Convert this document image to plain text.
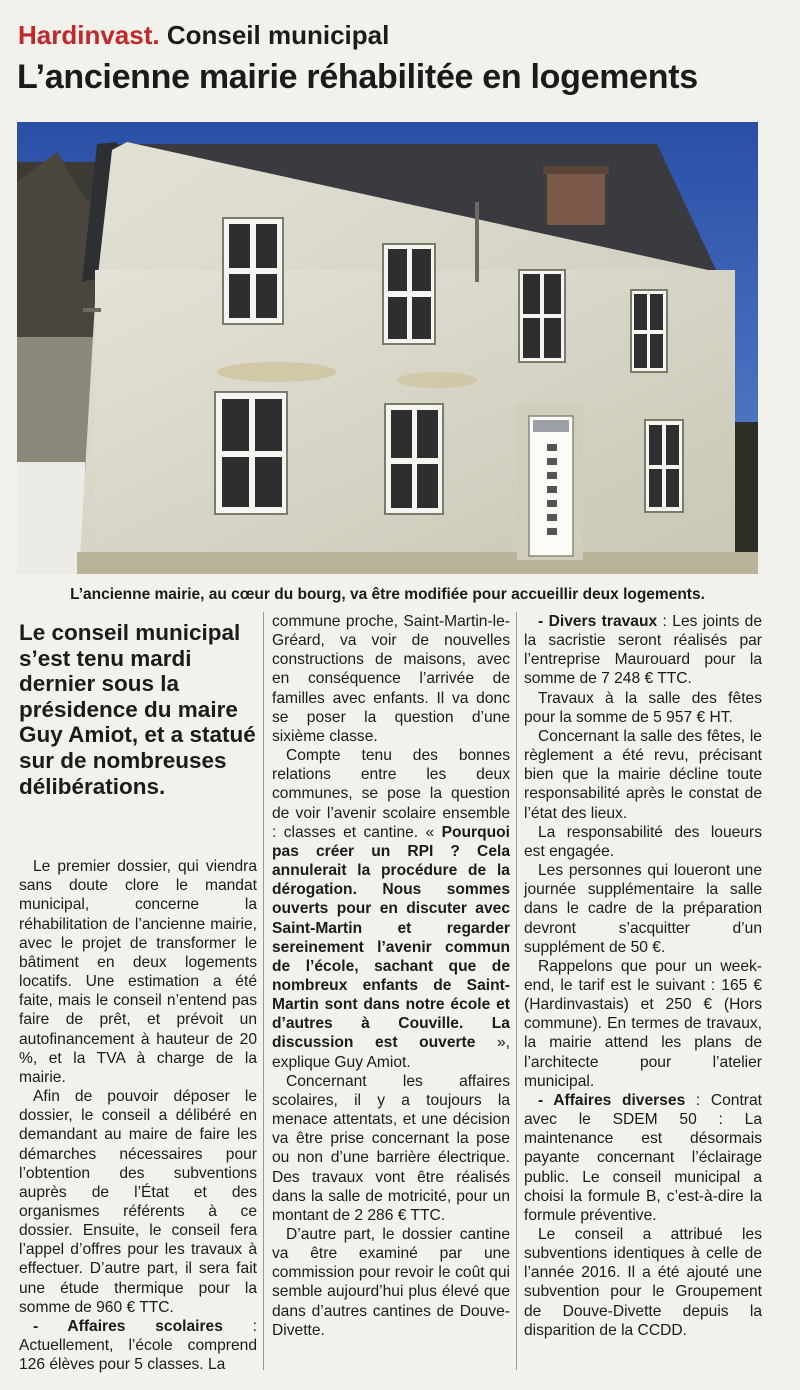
Hardinvast. Conseil municipal
L’ancienne mairie réhabilitée en logements
L’ancienne mairie, au cœur du bourg, va être modifiée pour accueillir deux logements.

Le conseil municipal s’est tenu mardi dernier sous la présidence du maire Guy Amiot, et a statué sur de nombreuses délibérations.

Le premier dossier, qui viendra sans doute clore le mandat municipal, concerne la réhabilitation de l’ancienne mairie, avec le projet de transformer le bâtiment en deux logements locatifs. Une estimation a été faite, mais le conseil n’entend pas faire de prêt, et prévoit un autofinancement à hauteur de 20 %, et la TVA à charge de la mairie.

Afin de pouvoir déposer le dossier, le conseil a délibéré en demandant au maire de faire les démarches nécessaires pour l’obtention des subventions auprès de l’État et des organismes référents à ce dossier. Ensuite, le conseil fera l’appel d’offres pour les travaux à effectuer. D’autre part, il sera fait une étude thermique pour la somme de 960 € TTC.

- Affaires scolaires : Actuellement, l’école comprend 126 élèves pour 5 classes. La

commune proche, Saint-Martin-le-Gréard, va voir de nouvelles constructions de maisons, avec en conséquence l’arrivée de familles avec enfants. Il va donc se poser la question d’une sixième classe.

Compte tenu des bonnes relations entre les deux communes, se pose la question de voir l’avenir scolaire ensemble : classes et cantine. « Pourquoi pas créer un RPI ? Cela annulerait la procédure de la dérogation. Nous sommes ouverts pour en discuter avec Saint-Martin et regarder sereinement l’avenir commun de l’école, sachant que de nombreux enfants de Saint-Martin sont dans notre école et d’autres à Couville. La discussion est ouverte », explique Guy Amiot.

Concernant les affaires scolaires, il y a toujours la menace attentats, et une décision va être prise concernant la pose ou non d’une barrière électrique. Des travaux vont être réalisés dans la salle de motricité, pour un montant de 2 286 € TTC.

D’autre part, le dossier cantine va être examiné par une commission pour revoir le coût qui semble aujourd’hui plus élevé que dans d’autres cantines de Douve-Divette.

- Divers travaux : Les joints de la sacristie seront réalisés par l’entreprise Maurouard pour la somme de 7 248 € TTC.

Travaux à la salle des fêtes pour la somme de 5 957 € HT.

Concernant la salle des fêtes, le règlement a été revu, précisant bien que la mairie décline toute responsabilité après le constat de l’état des lieux.

La responsabilité des loueurs est engagée.

Les personnes qui loueront une journée supplémentaire la salle dans le cadre de la préparation devront s’acquitter d’un supplément de 50 €.

Rappelons que pour un week-end, le tarif est le suivant : 165 € (Hardinvastais) et 250 € (Hors commune). En termes de travaux, la mairie attend les plans de l’architecte pour l’atelier municipal.

- Affaires diverses : Contrat avec le SDEM 50 : La maintenance est désormais payante concernant l’éclairage public. Le conseil municipal a choisi la formule B, c’est-à-dire la formule préventive.

Le conseil a attribué les subventions identiques à celle de l’année 2016. Il a été ajouté une subvention pour le Groupement de Douve-Divette depuis la disparition de la CCDD.
